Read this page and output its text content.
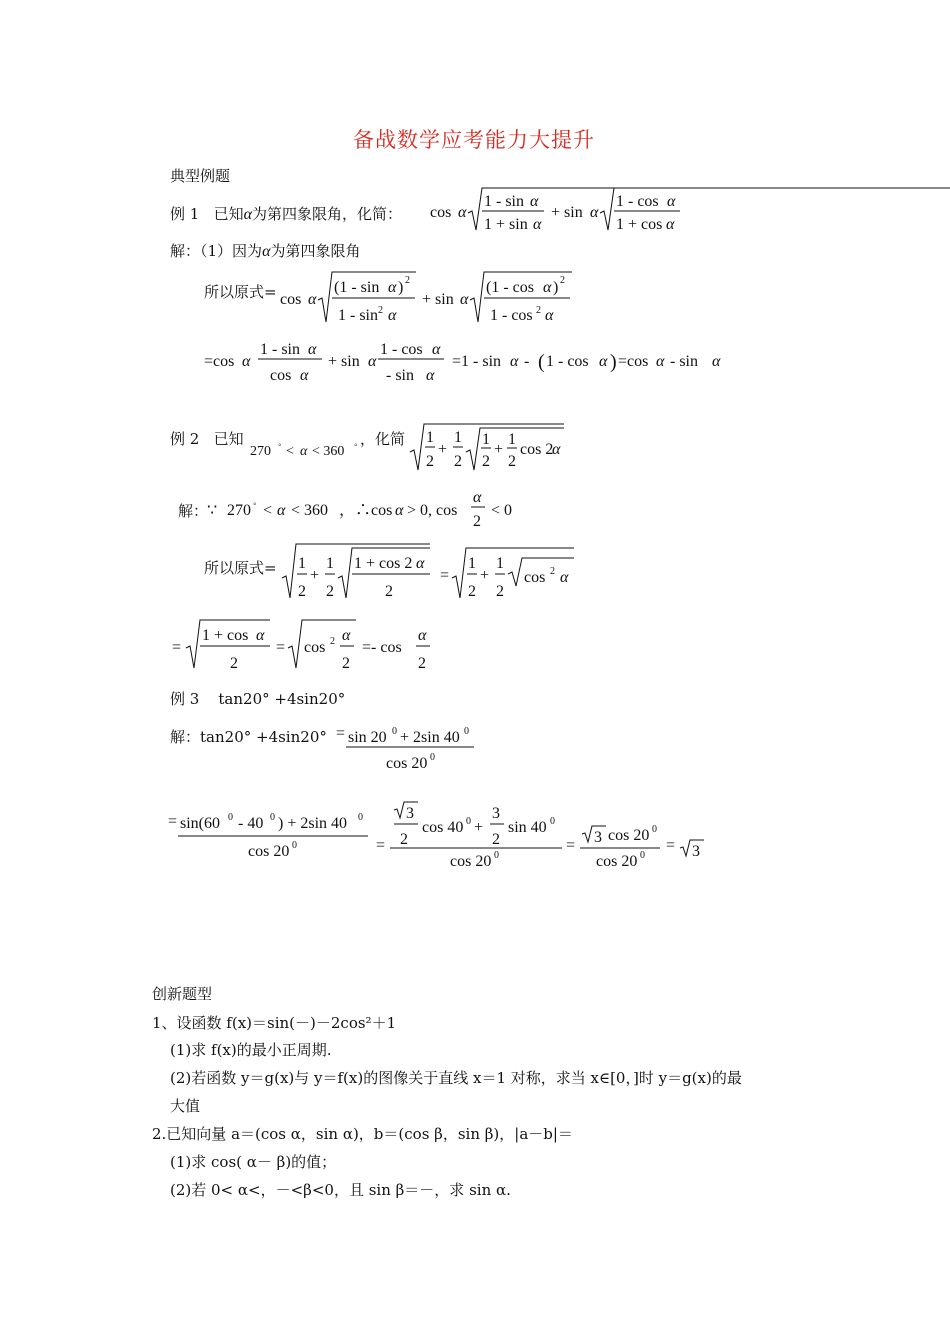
备战数学应考能力大提升
典型例题
例 1 已知α为第四象限角，化简： cos α
1 - sin α
1 + sin α
+ sin α
1 - cos α
1 + cos α
解：（1）因为α为第四象限角
所以原式= cos α
(1 - sin α ) 2
1 - sin 2 α
+ sin α
(1 - cos α ) 2
1 - cos 2 α
=cos α
1 - sin α
cos α
+ sin α
1 - cos α
- sin α
=1 - sin α - ( 1 - cos α ) =cos α - sin α
例 2 已知
270 ◦ < α < 360 ◦ ，化简 1
2
+
1
2
1
2
+
1
2
cos 2
α
解：
∵ 270 ◦ < α < 360 ，∴cos α > 0, cos
α
2
< 0
所以原式= 1
2
+
1
2
1 + cos 2 α
2
=
1
2
+
1
2
cos 2 α
=
1 + cos α
2
= cos 2 α
2
=- cos
α
2
例 3 tan20° +4sin20°
解：tan20° +4sin20° = sin 20 0 + 2sin 40 0
cos 20 0
= sin(60 0 - 40 0 ) + 2sin 40 0
cos 20 0	=
3
2
cos 40 0 +
3
2
sin 40 0
cos 20 0
= 3 cos 20 0
cos 20 0
= 3
创新题型
1、设函数 f(x)＝sin(－)－2cos²＋1
(1)求 f(x)的最小正周期.
(2)若函数 y＝g(x)与 y＝f(x)的图像关于直线 x＝1 对称，求当 x∈[0，]时 y＝g(x)的最
大值
2.已知向量 a＝(cos α，sin α)，b＝(cos β，sin β)，|a－b|＝
(1)求 cos( α－ β)的值；
(2)若 0< α<，－<β<0，且 sin β＝－，求 sin α.
